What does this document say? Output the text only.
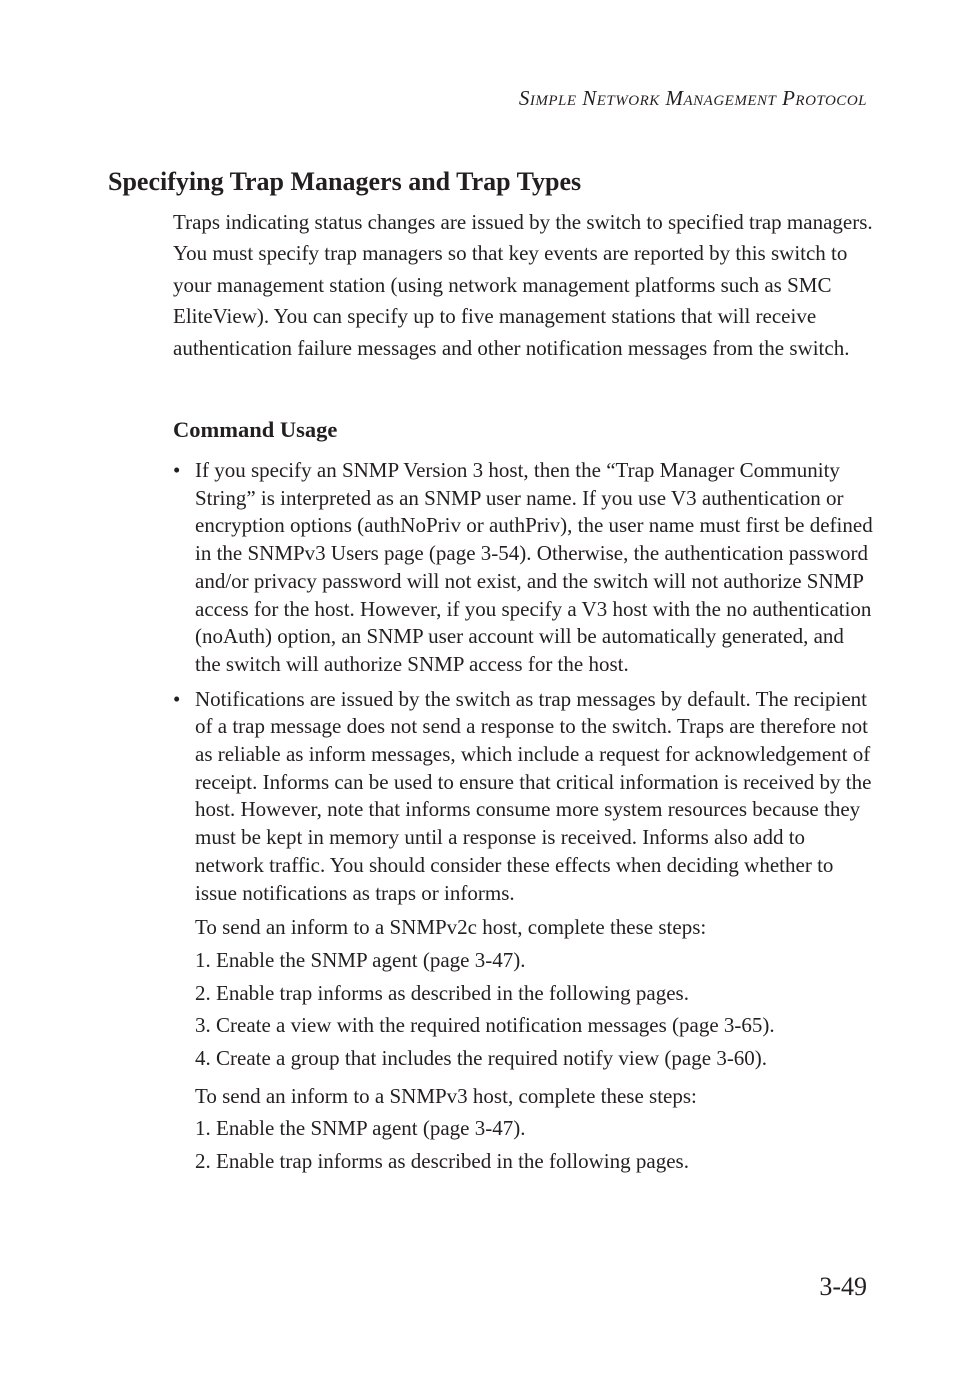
Simple Network Management Protocol
Specifying Trap Managers and Trap Types

Traps indicating status changes are issued by the switch to specified trap managers. You must specify trap managers so that key events are reported by this switch to your management station (using network management platforms such as SMC EliteView). You can specify up to five management stations that will receive authentication failure messages and other notification messages from the switch.

Command Usage
• If you specify an SNMP Version 3 host, then the “Trap Manager Community String” is interpreted as an SNMP user name. If you use V3 authentication or encryption options (authNoPriv or authPriv), the user name must first be defined in the SNMPv3 Users page (page 3-54). Otherwise, the authentication password and/or privacy password will not exist, and the switch will not authorize SNMP access for the host. However, if you specify a V3 host with the no authentication (noAuth) option, an SNMP user account will be automatically generated, and the switch will authorize SNMP access for the host.
• Notifications are issued by the switch as trap messages by default. The recipient of a trap message does not send a response to the switch. Traps are therefore not as reliable as inform messages, which include a request for acknowledgement of receipt. Informs can be used to ensure that critical information is received by the host. However, note that informs consume more system resources because they must be kept in memory until a response is received. Informs also add to network traffic. You should consider these effects when deciding whether to issue notifications as traps or informs.

To send an inform to a SNMPv2c host, complete these steps:

1. Enable the SNMP agent (page 3-47).

2. Enable trap informs as described in the following pages.

3. Create a view with the required notification messages (page 3-65).

4. Create a group that includes the required notify view (page 3-60).

To send an inform to a SNMPv3 host, complete these steps:

1. Enable the SNMP agent (page 3-47).

2. Enable trap informs as described in the following pages.

3-49
